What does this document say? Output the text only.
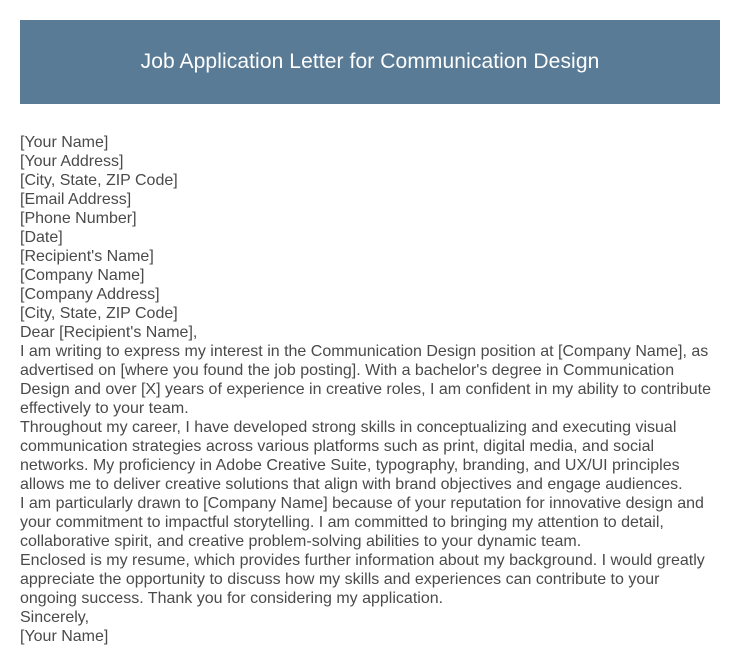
Job Application Letter for Communication Design

[Your Name]

[Your Address]

[City, State, ZIP Code]

[Email Address]

[Phone Number]

[Date]

[Recipient's Name]

[Company Name]

[Company Address]

[City, State, ZIP Code]

Dear [Recipient's Name],

I am writing to express my interest in the Communication Design position at [Company Name], as advertised on [where you found the job posting]. With a bachelor's degree in Communication Design and over [X] years of experience in creative roles, I am confident in my ability to contribute effectively to your team.

Throughout my career, I have developed strong skills in conceptualizing and executing visual communication strategies across various platforms such as print, digital media, and social networks. My proficiency in Adobe Creative Suite, typography, branding, and UX/UI principles allows me to deliver creative solutions that align with brand objectives and engage audiences.

I am particularly drawn to [Company Name] because of your reputation for innovative design and your commitment to impactful storytelling. I am committed to bringing my attention to detail, collaborative spirit, and creative problem-solving abilities to your dynamic team.

Enclosed is my resume, which provides further information about my background. I would greatly appreciate the opportunity to discuss how my skills and experiences can contribute to your ongoing success. Thank you for considering my application.

Sincerely,

[Your Name]
